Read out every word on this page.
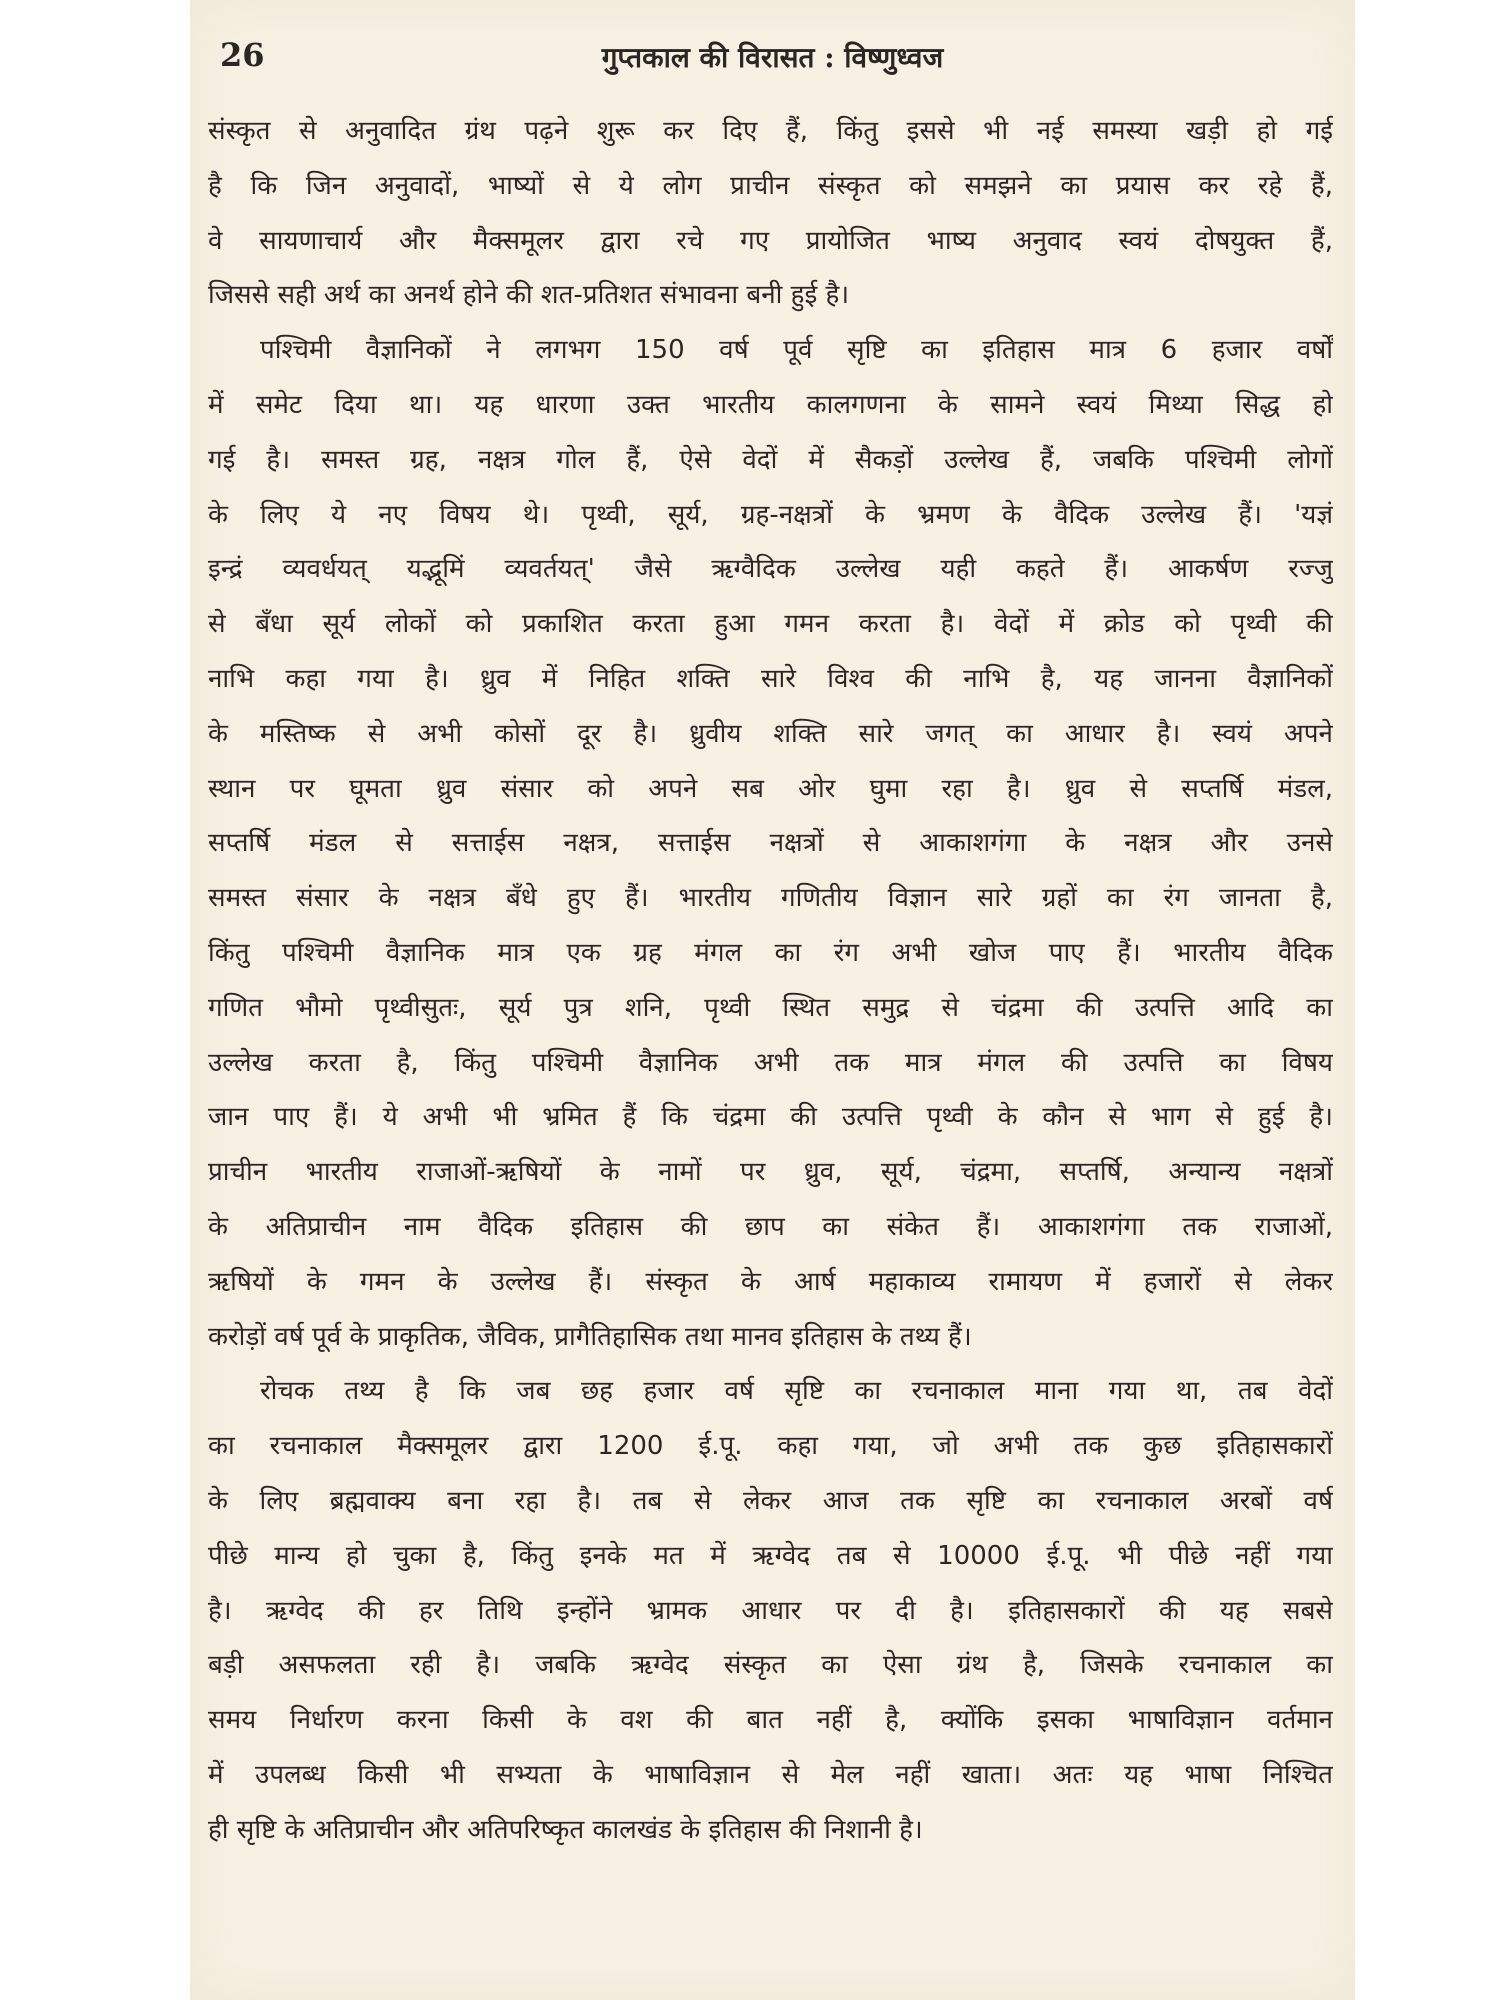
26	गुप्तकाल की विरासत : विष्णुध्वज
संस्कृत से अनुवादित ग्रंथ पढ़ने शुरू कर दिए हैं, किंतु इससे भी नई समस्या खड़ी हो गई
है कि जिन अनुवादों, भाष्यों से ये लोग प्राचीन संस्कृत को समझने का प्रयास कर रहे हैं,
वे सायणाचार्य और मैक्समूलर द्वारा रचे गए प्रायोजित भाष्य अनुवाद स्वयं दोषयुक्त हैं,
जिससे सही अर्थ का अनर्थ होने की शत-प्रतिशत संभावना बनी हुई है।
पश्चिमी वैज्ञानिकों ने लगभग 150 वर्ष पूर्व सृष्टि का इतिहास मात्र 6 हजार वर्षों
में समेट दिया था। यह धारणा उक्त भारतीय कालगणना के सामने स्वयं मिथ्या सिद्ध हो
गई है। समस्त ग्रह, नक्षत्र गोल हैं, ऐसे वेदों में सैकड़ों उल्लेख हैं, जबकि पश्चिमी लोगों
के लिए ये नए विषय थे। पृथ्वी, सूर्य, ग्रह-नक्षत्रों के भ्रमण के वैदिक उल्लेख हैं। 'यज्ञं
इन्द्रं व्यवर्धयत् यद्भूमिं व्यवर्तयत्' जैसे ऋग्वैदिक उल्लेख यही कहते हैं। आकर्षण रज्जु
से बँधा सूर्य लोकों को प्रकाशित करता हुआ गमन करता है। वेदों में क्रोड को पृथ्वी की
नाभि कहा गया है। ध्रुव में निहित शक्ति सारे विश्व की नाभि है, यह जानना वैज्ञानिकों
के मस्तिष्क से अभी कोसों दूर है। ध्रुवीय शक्ति सारे जगत् का आधार है। स्वयं अपने
स्थान पर घूमता ध्रुव संसार को अपने सब ओर घुमा रहा है। ध्रुव से सप्तर्षि मंडल,
सप्तर्षि मंडल से सत्ताईस नक्षत्र, सत्ताईस नक्षत्रों से आकाशगंगा के नक्षत्र और उनसे
समस्त संसार के नक्षत्र बँधे हुए हैं। भारतीय गणितीय विज्ञान सारे ग्रहों का रंग जानता है,
किंतु पश्चिमी वैज्ञानिक मात्र एक ग्रह मंगल का रंग अभी खोज पाए हैं। भारतीय वैदिक
गणित भौमो पृथ्वीसुतः, सूर्य पुत्र शनि, पृथ्वी स्थित समुद्र से चंद्रमा की उत्पत्ति आदि का
उल्लेख करता है, किंतु पश्चिमी वैज्ञानिक अभी तक मात्र मंगल की उत्पत्ति का विषय
जान पाए हैं। ये अभी भी भ्रमित हैं कि चंद्रमा की उत्पत्ति पृथ्वी के कौन से भाग से हुई है।
प्राचीन भारतीय राजाओं-ऋषियों के नामों पर ध्रुव, सूर्य, चंद्रमा, सप्तर्षि, अन्यान्य नक्षत्रों
के अतिप्राचीन नाम वैदिक इतिहास की छाप का संकेत हैं। आकाशगंगा तक राजाओं,
ऋषियों के गमन के उल्लेख हैं। संस्कृत के आर्ष महाकाव्य रामायण में हजारों से लेकर
करोड़ों वर्ष पूर्व के प्राकृतिक, जैविक, प्रागैतिहासिक तथा मानव इतिहास के तथ्य हैं।
रोचक तथ्य है कि जब छह हजार वर्ष सृष्टि का रचनाकाल माना गया था, तब वेदों
का रचनाकाल मैक्समूलर द्वारा 1200 ई.पू. कहा गया, जो अभी तक कुछ इतिहासकारों
के लिए ब्रह्मवाक्य बना रहा है। तब से लेकर आज तक सृष्टि का रचनाकाल अरबों वर्ष
पीछे मान्य हो चुका है, किंतु इनके मत में ऋग्वेद तब से 10000 ई.पू. भी पीछे नहीं गया
है। ऋग्वेद की हर तिथि इन्होंने भ्रामक आधार पर दी है। इतिहासकारों की यह सबसे
बड़ी असफलता रही है। जबकि ऋग्वेद संस्कृत का ऐसा ग्रंथ है, जिसके रचनाकाल का
समय निर्धारण करना किसी के वश की बात नहीं है, क्योंकि इसका भाषाविज्ञान वर्तमान
में उपलब्ध किसी भी सभ्यता के भाषाविज्ञान से मेल नहीं खाता। अतः यह भाषा निश्चित
ही सृष्टि के अतिप्राचीन और अतिपरिष्कृत कालखंड के इतिहास की निशानी है।
